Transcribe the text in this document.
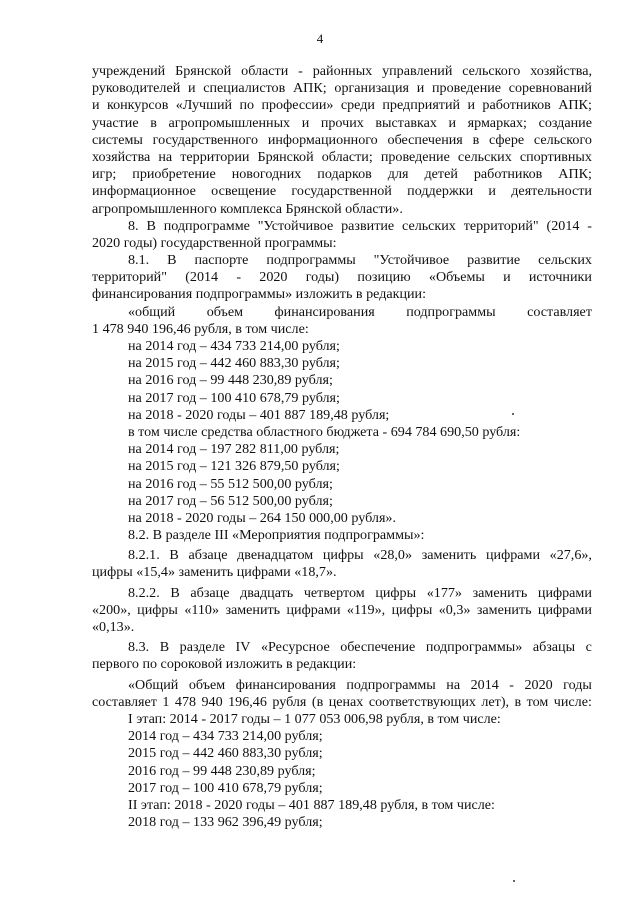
4
учреждений Брянской области - районных управлений сельского хозяйства,
руководителей и специалистов АПК; организация и проведение соревнований
и конкурсов «Лучший по профессии» среди предприятий и работников АПК;
участие в агропромышленных и прочих выставках и ярмарках; создание
системы государственного информационного обеспечения в сфере сельского
хозяйства на территории Брянской области; проведение сельских спортивных
игр; приобретение новогодних подарков для детей работников АПК;
информационное освещение государственной поддержки и деятельности
агропромышленного комплекса Брянской области».
8. В подпрограмме "Устойчивое развитие сельских территорий" (2014 -
2020 годы) государственной программы:
8.1. В паспорте подпрограммы "Устойчивое развитие сельских
территорий" (2014 - 2020 годы) позицию «Объемы и источники
финансирования подпрограммы» изложить в редакции:
«общий объем финансирования подпрограммы составляет
1 478 940 196,46 рубля, в том числе:
на 2014 год – 434 733 214,00 рубля;
на 2015 год – 442 460 883,30 рубля;
на 2016 год – 99 448 230,89 рубля;
на 2017 год – 100 410 678,79 рубля;
на 2018 - 2020 годы – 401 887 189,48 рубля;
в том числе средства областного бюджета - 694 784 690,50 рубля:
на 2014 год – 197 282 811,00 рубля;
на 2015 год – 121 326 879,50 рубля;
на 2016 год – 55 512 500,00 рубля;
на 2017 год – 56 512 500,00 рубля;
на 2018 - 2020 годы – 264 150 000,00 рубля».
8.2. В разделе III «Мероприятия подпрограммы»:
8.2.1. В абзаце двенадцатом цифры «28,0» заменить цифрами «27,6»,
цифры «15,4» заменить цифрами «18,7».
8.2.2. В абзаце двадцать четвертом цифры «177» заменить цифрами
«200», цифры «110» заменить цифрами «119», цифры «0,3» заменить цифрами
«0,13».
8.3. В разделе IV «Ресурсное обеспечение подпрограммы» абзацы с
первого по сороковой изложить в редакции:
«Общий объем финансирования подпрограммы на 2014 - 2020 годы
составляет 1 478 940 196,46 рубля (в ценах соответствующих лет), в том числе:
I этап: 2014 - 2017 годы – 1 077 053 006,98 рубля, в том числе:
2014 год – 434 733 214,00 рубля;
2015 год – 442 460 883,30 рубля;
2016 год – 99 448 230,89 рубля;
2017 год – 100 410 678,79 рубля;
II этап: 2018 - 2020 годы – 401 887 189,48 рубля, в том числе:
2018 год – 133 962 396,49 рубля;
